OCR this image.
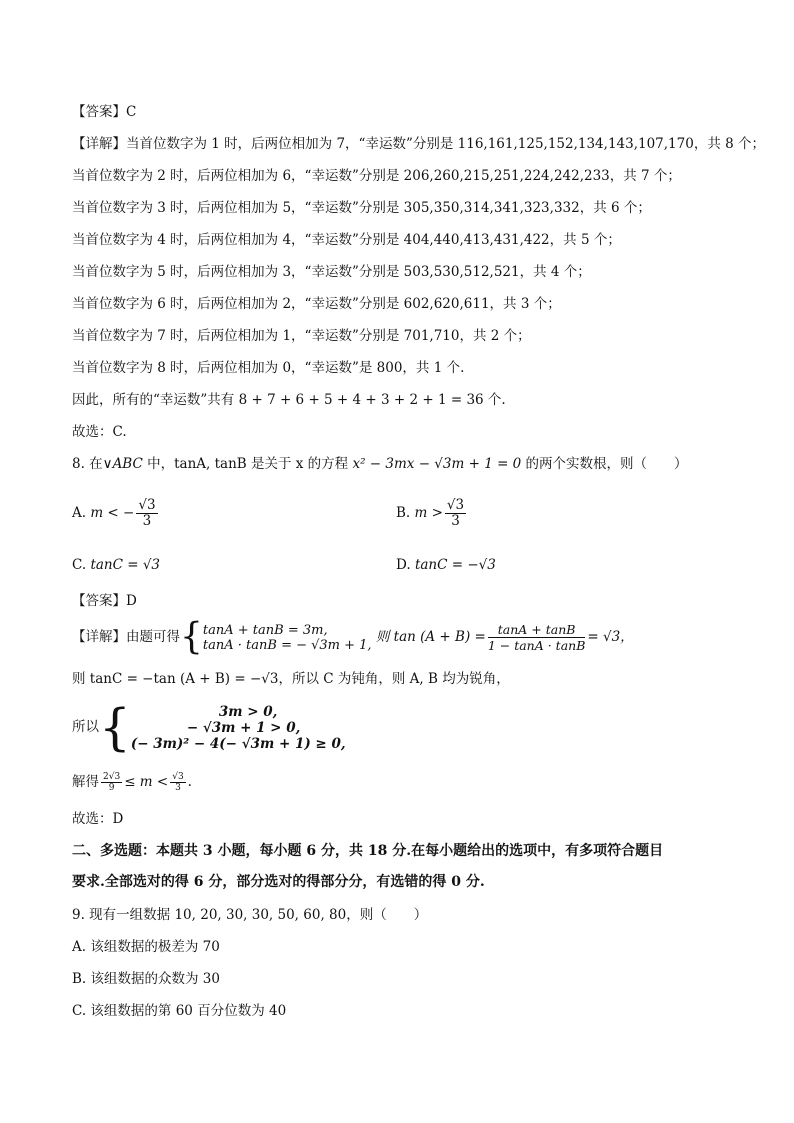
【答案】C
【详解】当首位数字为 1 时，后两位相加为 7，“幸运数”分别是 116,161,125,152,134,143,107,170，共 8 个；
当首位数字为 2 时，后两位相加为 6，“幸运数”分别是 206,260,215,251,224,242,233，共 7 个；
当首位数字为 3 时，后两位相加为 5，“幸运数”分别是 305,350,314,341,323,332，共 6 个；
当首位数字为 4 时，后两位相加为 4，“幸运数”分别是 404,440,413,431,422，共 5 个；
当首位数字为 5 时，后两位相加为 3，“幸运数”分别是 503,530,512,521，共 4 个；
当首位数字为 6 时，后两位相加为 2，“幸运数”分别是 602,620,611，共 3 个；
当首位数字为 7 时，后两位相加为 1，“幸运数”分别是 701,710，共 2 个；
当首位数字为 8 时，后两位相加为 0，“幸运数”是 800，共 1 个.
因此，所有的“幸运数”共有 8 + 7 + 6 + 5 + 4 + 3 + 2 + 1 = 36 个.
故选：C.
8. 在∨ABC 中，tanA, tanB 是关于 x 的方程 x² − 3mx − √3m + 1 = 0 的两个实数根，则（　　）
A. m < − $\frac{√3}{3}$	B. $m > \frac{√3}{3}$
C. tanC = √3	D. tanC = −√3
【答案】D
【详解】由题可得{ tanA + tanB = 3m,
tanA · tanB = − √3m + 1, 则 $\tan (A + B) = \frac{\tan A + \tan B}{1 - \tan A \cdot \tan B} = √3$，
则 tanC = −tan (A + B) = −√3，所以 C 为钝角，则 A, B 均为锐角，
所以{	3m > 0,
− √3m + 1 > 0,
(− 3m)² − 4(− √3m + 1) ≥ 0,
解得 $\frac{2√3}{9} \le m < \frac{√3}{3}$ .
故选：D
二、多选题：本题共 3 小题，每小题 6 分，共 18 分.在每小题给出的选项中，有多项符合题目
要求.全部选对的得 6 分，部分选对的得部分分，有选错的得 0 分.
9. 现有一组数据 10, 20, 30, 30, 50, 60, 80，则（　　）
A. 该组数据的极差为 70
B. 该组数据的众数为 30
C. 该组数据的第 60 百分位数为 40
